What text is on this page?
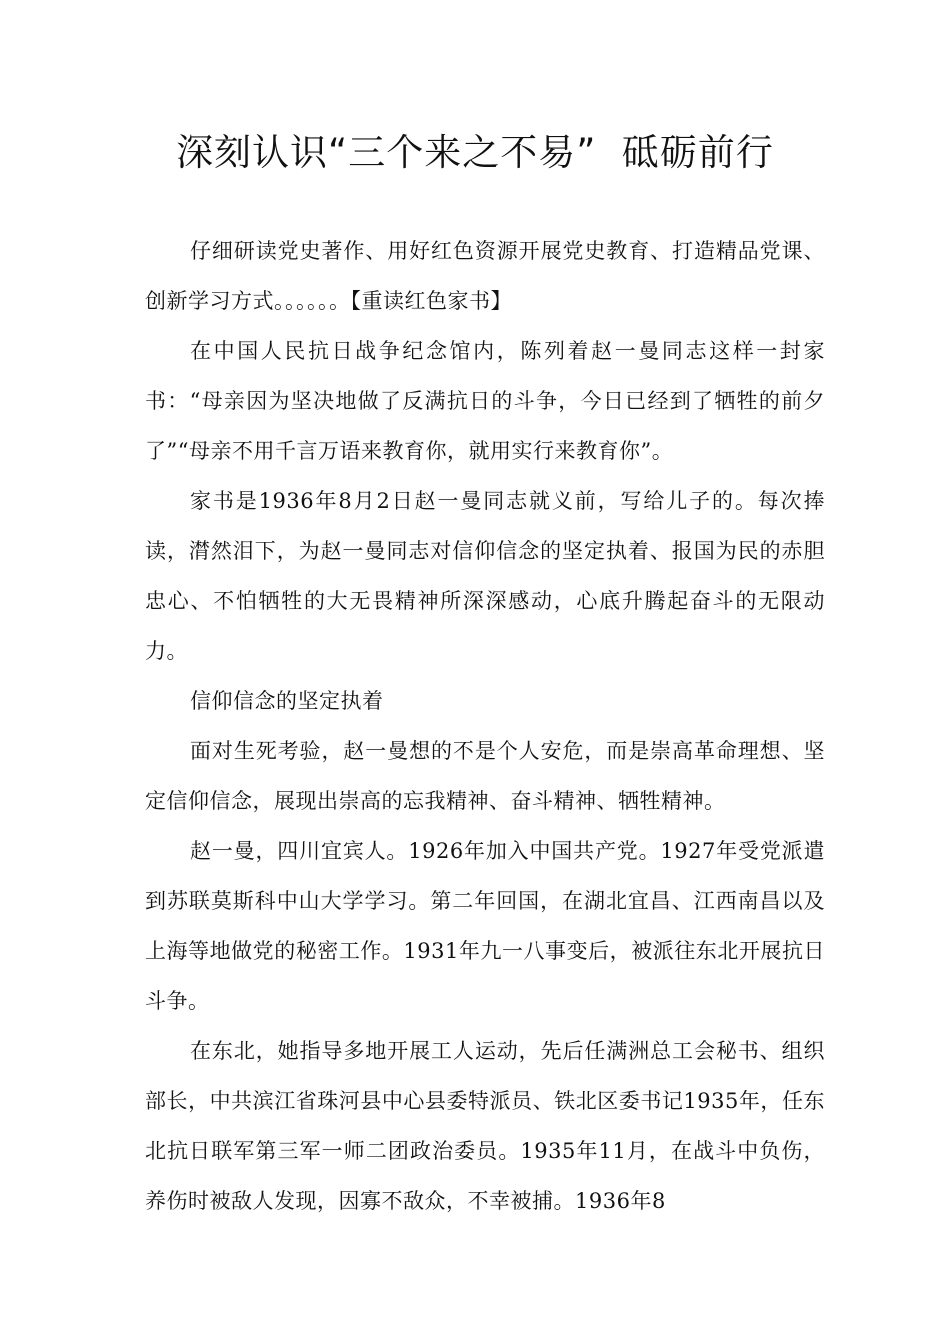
深刻认识“三个来之不易”  砥砺前行

仔细研读党史著作、用好红色资源开展党史教育、打造精品党课、创新学习方式。。。。。。【重读红色家书】

在中国人民抗日战争纪念馆内，陈列着赵一曼同志这样一封家书：“母亲因为坚决地做了反满抗日的斗争，今日已经到了牺牲的前夕了”“母亲不用千言万语来教育你，就用实行来教育你”。

家书是1936年8月2日赵一曼同志就义前，写给儿子的。每次捧读，潸然泪下，为赵一曼同志对信仰信念的坚定执着、报国为民的赤胆忠心、不怕牺牲的大无畏精神所深深感动，心底升腾起奋斗的无限动力。

信仰信念的坚定执着

面对生死考验，赵一曼想的不是个人安危，而是崇高革命理想、坚定信仰信念，展现出崇高的忘我精神、奋斗精神、牺牲精神。

赵一曼，四川宜宾人。1926年加入中国共产党。1927年受党派遣到苏联莫斯科中山大学学习。第二年回国，在湖北宜昌、江西南昌以及上海等地做党的秘密工作。1931年九一八事变后，被派往东北开展抗日斗争。

在东北，她指导多地开展工人运动，先后任满洲总工会秘书、组织部长，中共滨江省珠河县中心县委特派员、铁北区委书记1935年，任东北抗日联军第三军一师二团政治委员。1935年11月，在战斗中负伤，养伤时被敌人发现，因寡不敌众，不幸被捕。1936年8
